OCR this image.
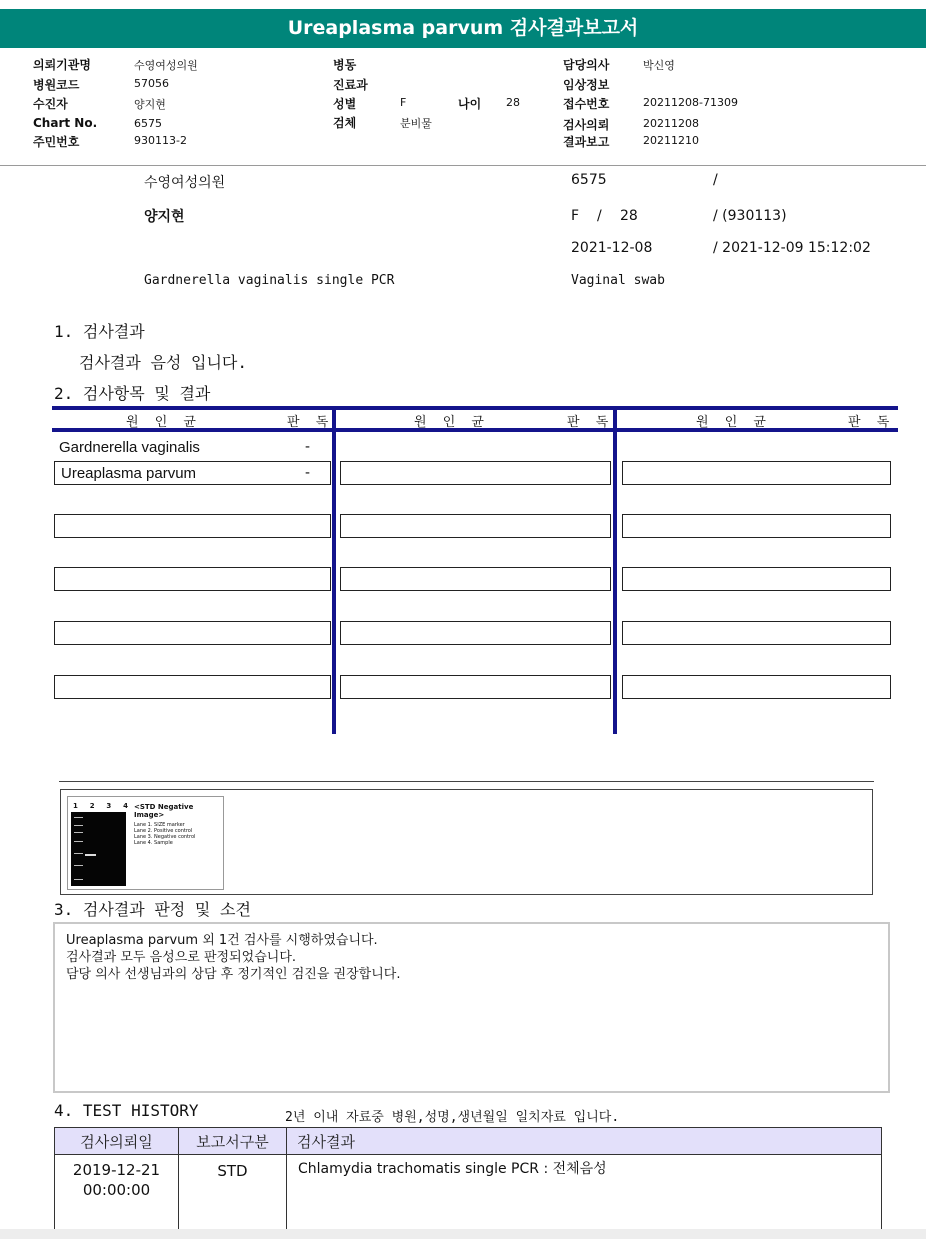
Ureaplasma parvum 검사결과보고서
의뢰기관명	수영여성의원
병원코드	57056
수진자	양지현
Chart No.	6575
주민번호	930113-2
병동
진료과
성별	F	나이 28
검체	분비물
담당의사	박신영
임상정보
접수번호	20211208-71309
검사의뢰	20211208
결과보고	20211210
수영여성의원	6575	/
양지현	F / 28	/ (930113)
2021-12-08	/ 2021-12-09 15:12:02
Gardnerella vaginalis single PCR	Vaginal swab
1. 검사결과
검사결과 음성 입니다.
2. 검사항목 및 결과
원 인 균	판 독	원 인 균	판 독	원 인 균	판 독
Gardnerella vaginalis	-
Ureaplasma parvum	-
1 2 3 4 <STD Negative Image>
Lane 1. SIZE marker
Lane 2. Positive control
Lane 3. Negative control
Lane 4. Sample
3. 검사결과 판정 및 소견
Ureaplasma parvum 외 1건 검사를 시행하였습니다.
검사결과 모두 음성으로 판정되었습니다.
담당 의사 선생님과의 상담 후 정기적인 검진을 권장합니다.
4. TEST HISTORY	2년 이내 자료중 병원,성명,생년월일 일치자료 입니다.
검사의뢰일	보고서구분	검사결과

2019-12-21
00:00:00	STD	Chlamydia trachomatis single PCR : 전체음성
